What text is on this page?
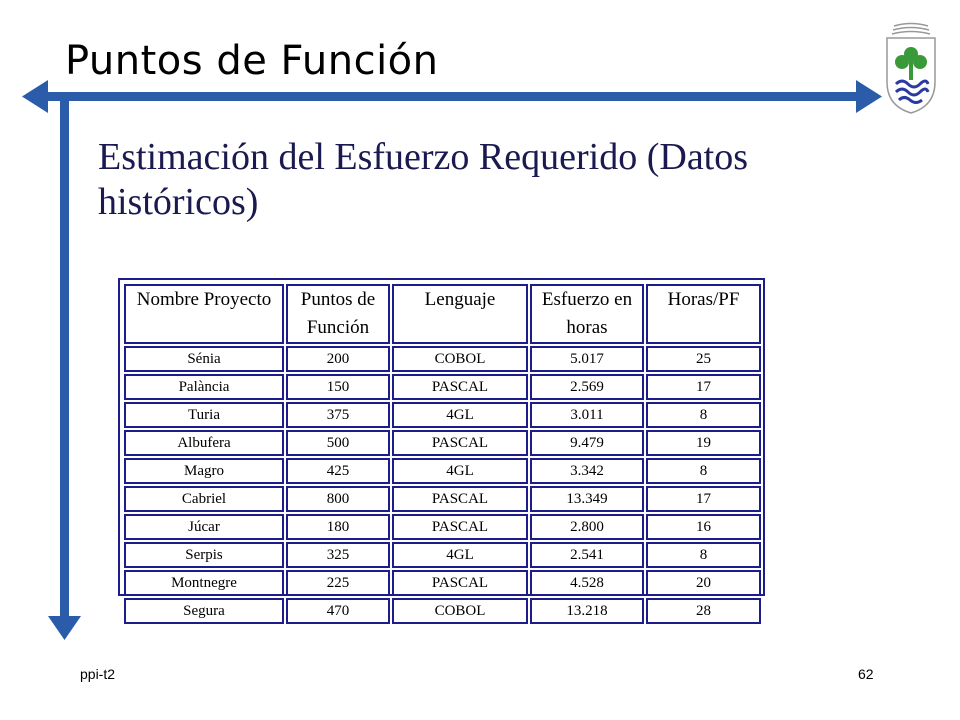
Puntos de Función
Estimación del Esfuerzo Requerido (Datos históricos)
Nombre Proyecto	Puntos de Función	Lenguaje	Esfuerzo en horas	Horas/PF
Sénia	200	COBOL	5.017	25
Palància	150	PASCAL	2.569	17
Turia	375	4GL	3.011	8
Albufera	500	PASCAL	9.479	19
Magro	425	4GL	3.342	8
Cabriel	800	PASCAL	13.349	17
Júcar	180	PASCAL	2.800	16
Serpis	325	4GL	2.541	8
Montnegre	225	PASCAL	4.528	20
Segura	470	COBOL	13.218	28
ppi-t2	62
